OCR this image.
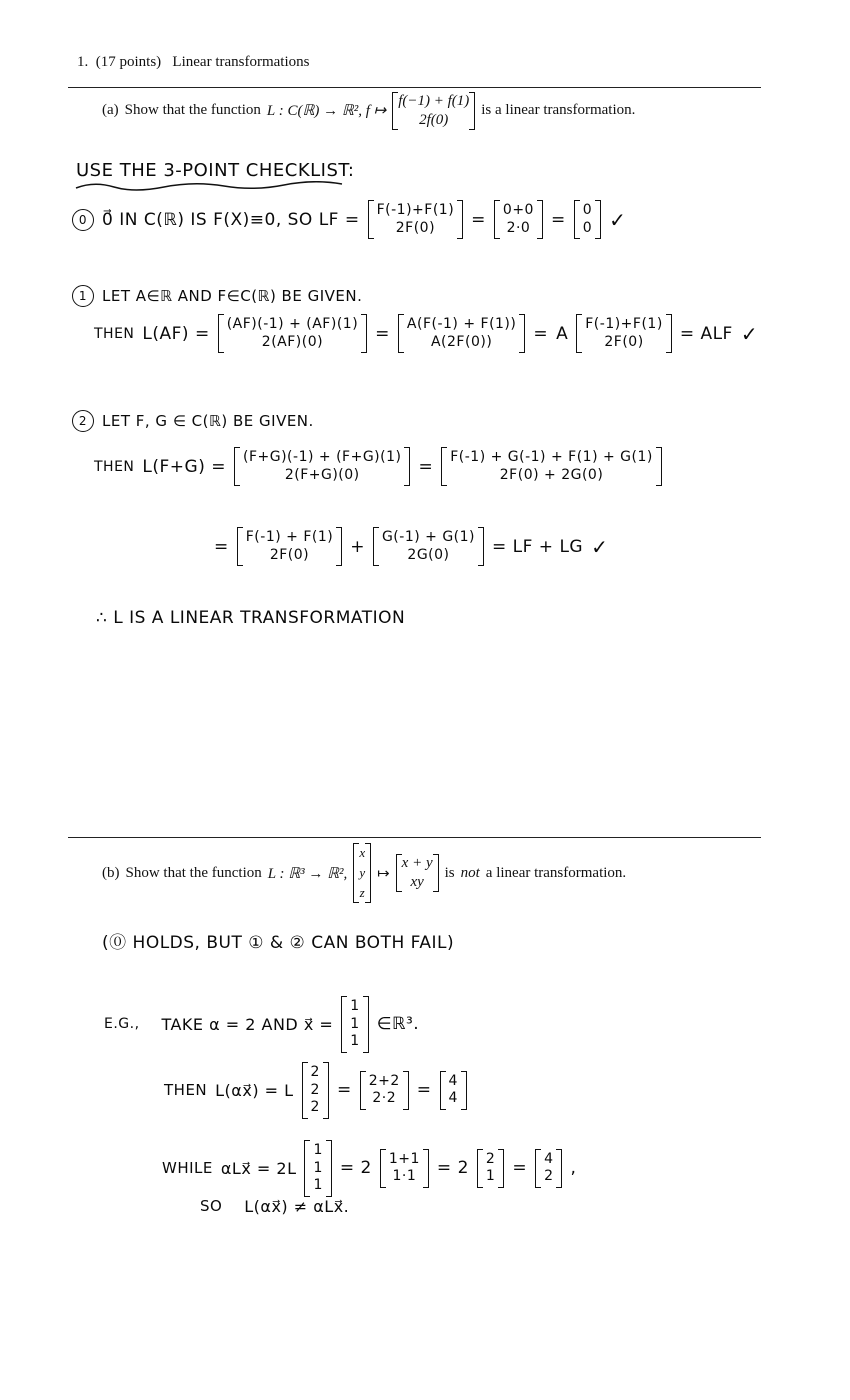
1. (17 points) Linear transformations
(a) Show that the function L : C(ℝ) → ℝ², f ↦
f(−1) + f(1)
2f(0)
is a linear transformation.
USE THE 3-POINT CHECKLIST:
0 0⃗ IN C(ℝ) IS F(X)≡0, SO LF = F(-1)+F(1)
2F(0) = 0+0
2·0 = 0
0 ✓
1 LET Α∈ℝ AND F∈C(ℝ) BE GIVEN.
THEN L(ΑF) = (ΑF)(-1) + (ΑF)(1)
2(ΑF)(0)	= Α(F(-1) + F(1))
Α(2F(0)) = Α F(-1)+F(1)
2F(0) = ΑLF ✓
2 LET F, G ∈ C(ℝ) BE GIVEN.
THEN L(F+G) = (F+G)(-1) + (F+G)(1)
2(F+G)(0)	= F(-1) + G(-1) + F(1) + G(1)
2F(0) + 2G(0)
= F(-1) + F(1)
2F(0) + G(-1) + G(1)
2G(0) = LF + LG ✓
∴ L IS A LINEAR TRANSFORMATION
(b) Show that the function L : ℝ³ → ℝ²,
x
y
z
↦
x + y
xy
is not a linear transformation.
(⓪ HOLDS, BUT ① & ② CAN BOTH FAIL)
E.G.,
TAKE α = 2 AND x⃗ =
1
1
1
∈ℝ³.
THEN L(αx⃗) = L
2
2
2
= 2+2
2·2 = 4
4
WHILE αLx⃗ = 2L
1
1
1
= 2 1+1
1·1 = 2 2
1 = 4
2 ,
SO
L(αx⃗) ≠ αLx⃗.
